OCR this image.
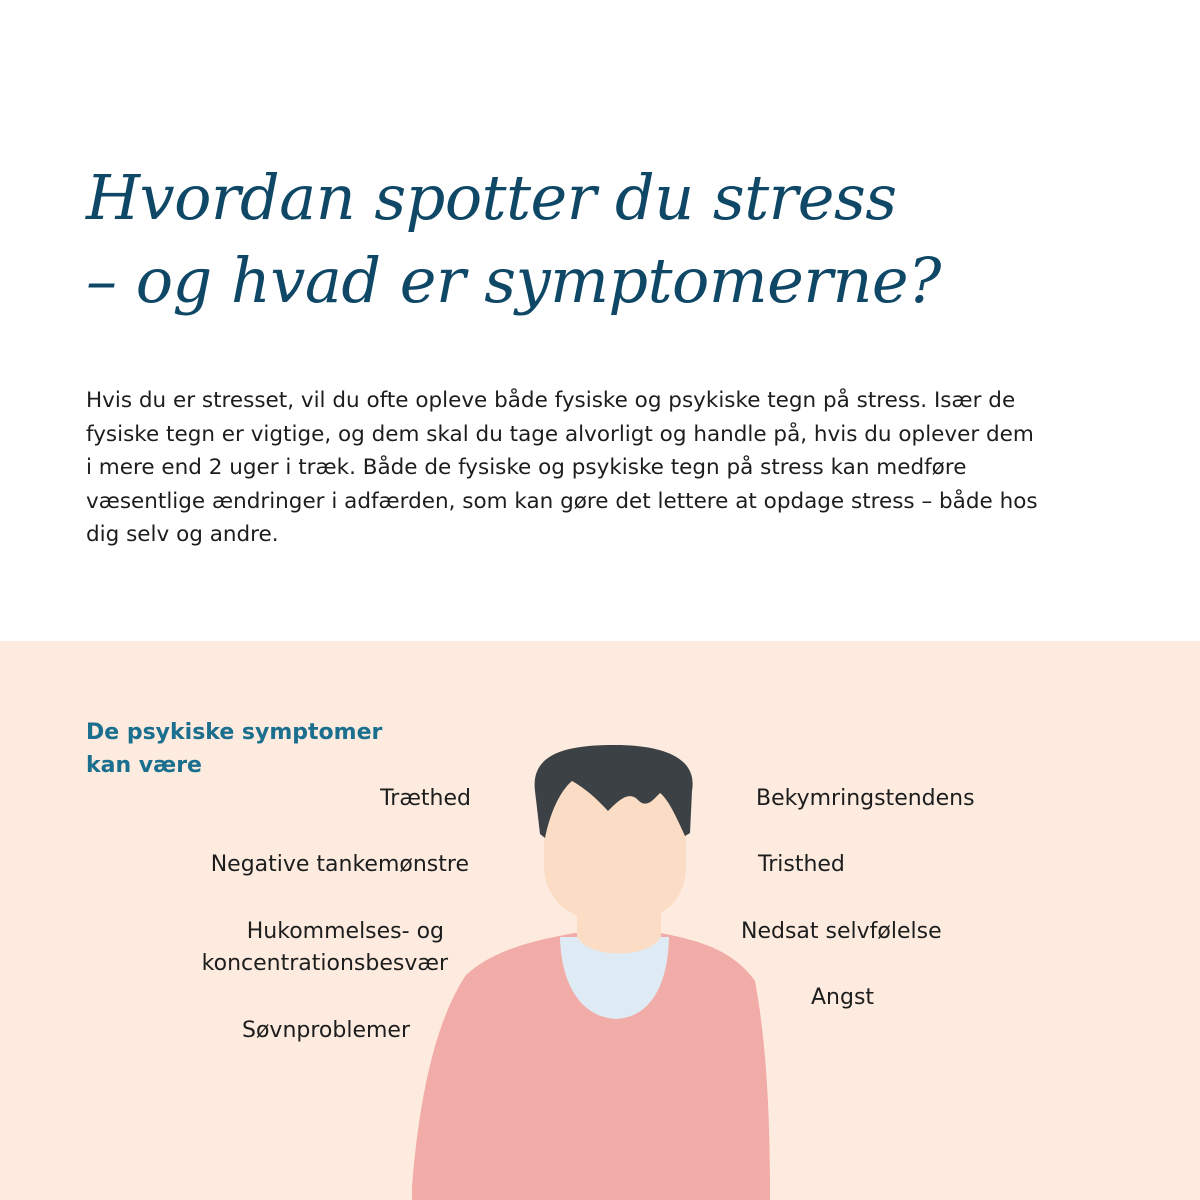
Hvordan spotter du stress
– og hvad er symptomerne?

Hvis du er stresset, vil du ofte opleve både fysiske og psykiske tegn på stress. Især de
fysiske tegn er vigtige, og dem skal du tage alvorligt og handle på, hvis du oplever dem
i mere end 2 uger i træk. Både de fysiske og psykiske tegn på stress kan medføre
væsentlige ændringer i adfærden, som kan gøre det lettere at opdage stress – både hos
dig selv og andre.

De psykiske symptomer
kan være
Træthed
Negative tankemønstre
Hukommelses- og
koncentrationsbesvær
Søvnproblemer
Bekymringstendens
Tristhed
Nedsat selvfølelse
Angst
